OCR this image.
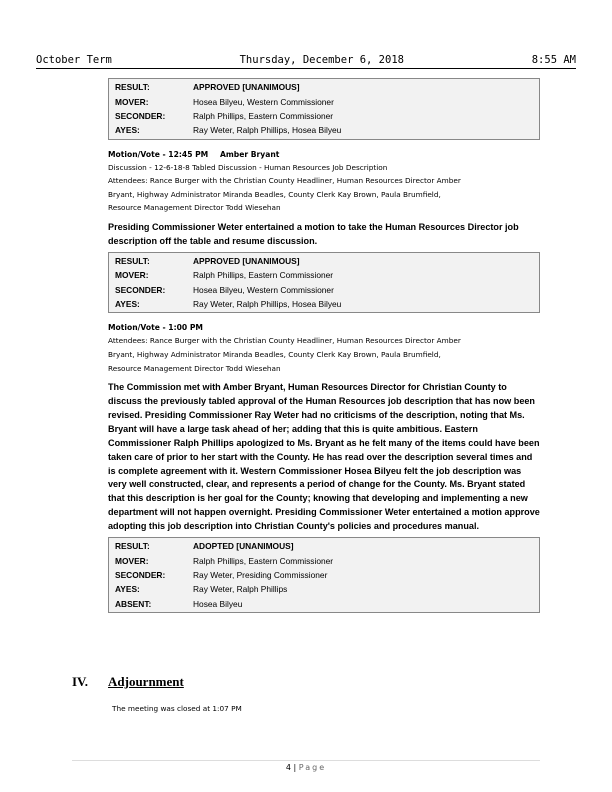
October Term	Thursday, December 6, 2018	8:55 AM
RESULT:	APPROVED [UNANIMOUS]
MOVER:	Hosea Bilyeu, Western Commissioner
SECONDER:	Ralph Phillips, Eastern Commissioner
AYES:	Ray Weter, Ralph Phillips, Hosea Bilyeu
Motion/Vote - 12:45 PM	Amber Bryant
Discussion - 12-6-18-8 Tabled Discussion - Human Resources Job Description
Attendees: Rance Burger with the Christian County Headliner, Human Resources Director Amber
Bryant, Highway Administrator Miranda Beadles, County Clerk Kay Brown, Paula Brumfield,
Resource Management Director Todd Wiesehan
Presiding Commissioner Weter entertained a motion to take the Human Resources Director job description off the table and resume discussion.
RESULT:	APPROVED [UNANIMOUS]
MOVER:	Ralph Phillips, Eastern Commissioner
SECONDER:	Hosea Bilyeu, Western Commissioner
AYES:	Ray Weter, Ralph Phillips, Hosea Bilyeu
Motion/Vote - 1:00 PM
Attendees: Rance Burger with the Christian County Headliner, Human Resources Director Amber
Bryant, Highway Administrator Miranda Beadles, County Clerk Kay Brown, Paula Brumfield,
Resource Management Director Todd Wiesehan
The Commission met with Amber Bryant, Human Resources Director for Christian County to discuss the previously tabled approval of the Human Resources job description that has now been revised. Presiding Commissioner Ray Weter had no criticisms of the description, noting that Ms. Bryant will have a large task ahead of her; adding that this is quite ambitious. Eastern Commissioner Ralph Phillips apologized to Ms. Bryant as he felt many of the items could have been taken care of prior to her start with the County. He has read over the description several times and is complete agreement with it. Western Commissioner Hosea Bilyeu felt the job description was very well constructed, clear, and represents a period of change for the County. Ms. Bryant stated that this description is her goal for the County; knowing that developing and implementing a new department will not happen overnight. Presiding Commissioner Weter entertained a motion approve adopting this job description into Christian County's policies and procedures manual.
RESULT:	ADOPTED [UNANIMOUS]
MOVER:	Ralph Phillips, Eastern Commissioner
SECONDER:	Ray Weter, Presiding Commissioner
AYES:	Ray Weter, Ralph Phillips
ABSENT:	Hosea Bilyeu
IV.	Adjournment
The meeting was closed at 1:07 PM
4 | Page
